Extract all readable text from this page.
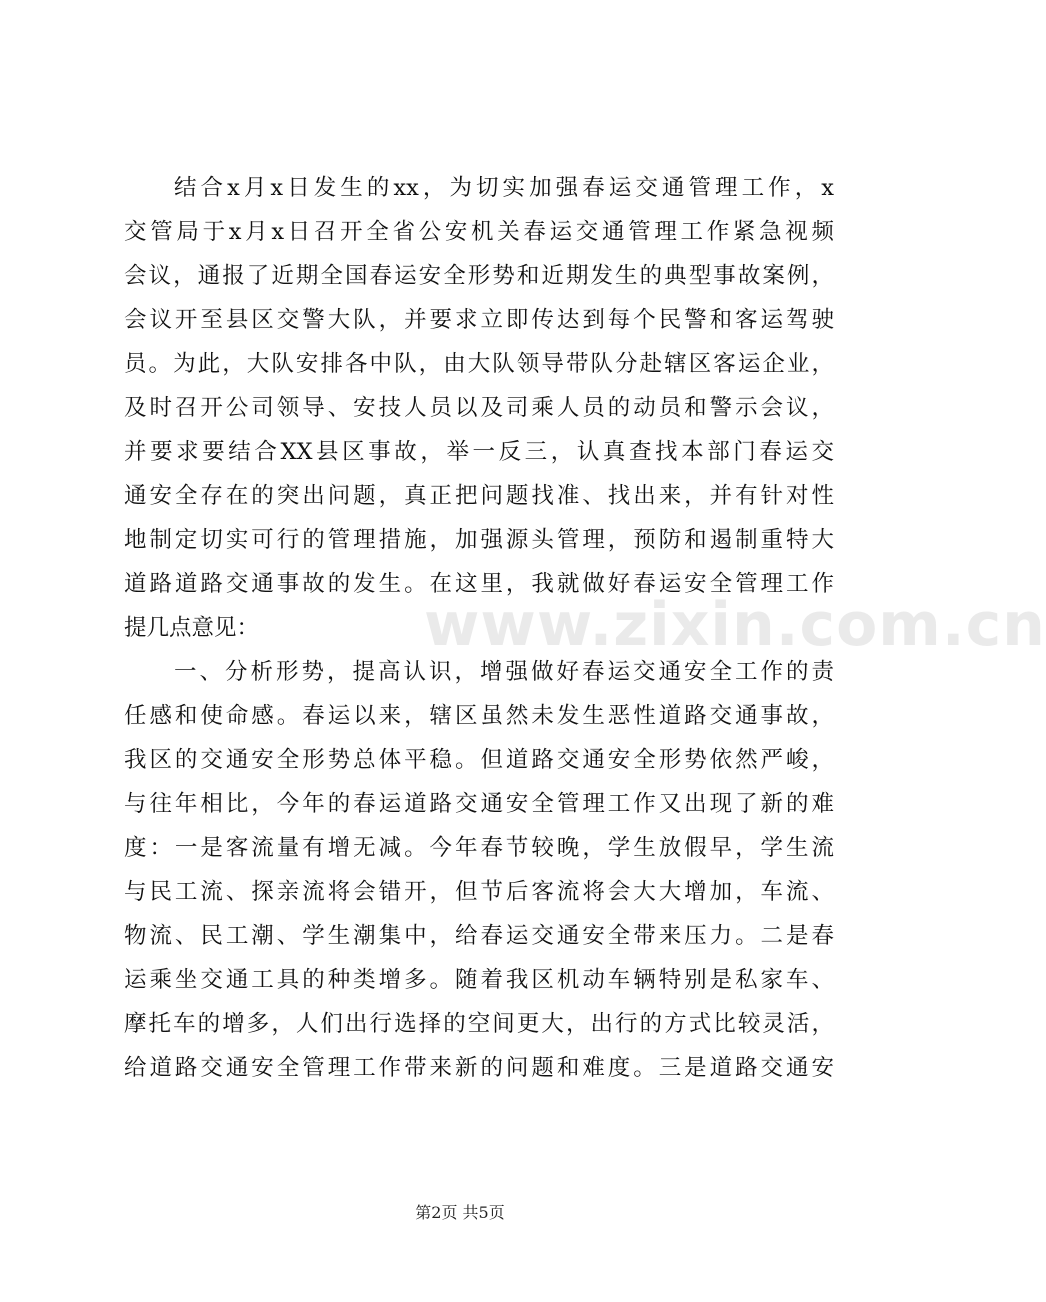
结合x月x日发生的xx，为切实加强春运交通管理工作，x
交管局于x月x日召开全省公安机关春运交通管理工作紧急视频
会议，通报了近期全国春运安全形势和近期发生的典型事故案例，
会议开至县区交警大队，并要求立即传达到每个民警和客运驾驶
员。为此，大队安排各中队，由大队领导带队分赴辖区客运企业，
及时召开公司领导、安技人员以及司乘人员的动员和警示会议，
并要求要结合XX县区事故，举一反三，认真查找本部门春运交
通安全存在的突出问题，真正把问题找准、找出来，并有针对性
地制定切实可行的管理措施，加强源头管理，预防和遏制重特大
道路道路交通事故的发生。在这里，我就做好春运安全管理工作
提几点意见：
一、分析形势，提高认识，增强做好春运交通安全工作的责
任感和使命感。春运以来，辖区虽然未发生恶性道路交通事故，
我区的交通安全形势总体平稳。但道路交通安全形势依然严峻，
与往年相比，今年的春运道路交通安全管理工作又出现了新的难
度：一是客流量有增无减。今年春节较晚，学生放假早，学生流
与民工流、探亲流将会错开，但节后客流将会大大增加，车流、
物流、民工潮、学生潮集中，给春运交通安全带来压力。二是春
运乘坐交通工具的种类增多。随着我区机动车辆特别是私家车、
摩托车的增多，人们出行选择的空间更大，出行的方式比较灵活，
给道路交通安全管理工作带来新的问题和难度。三是道路交通安
www.zixin.com.cn
第2页 共5页
